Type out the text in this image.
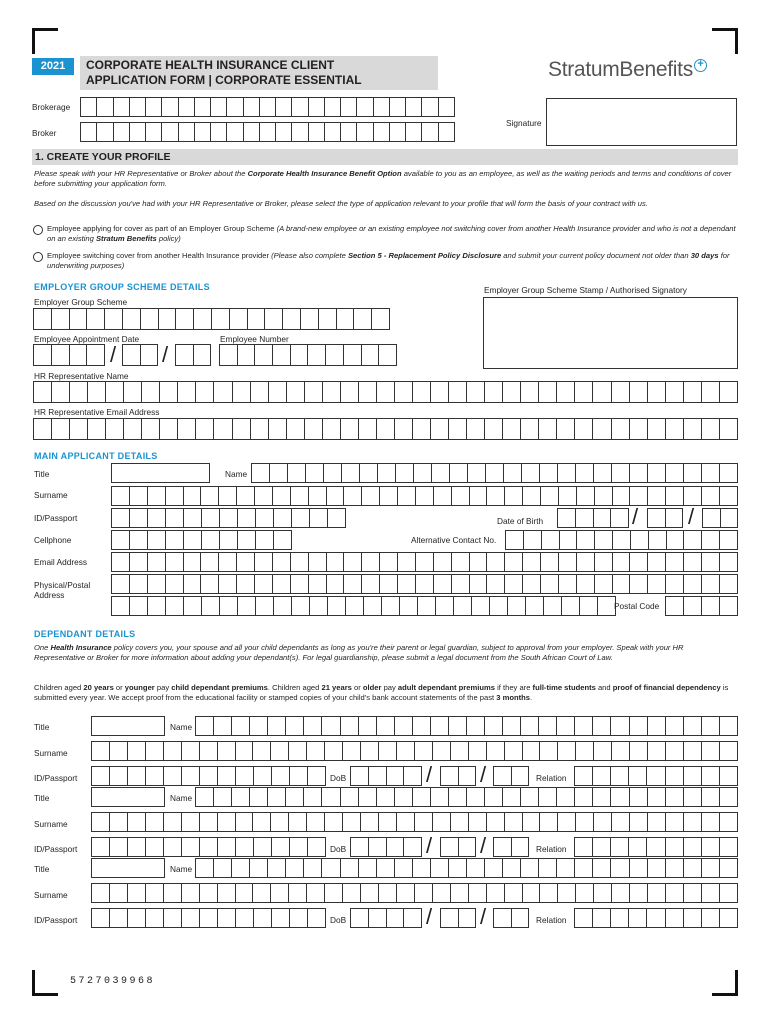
2021	CORPORATE HEALTH INSURANCE CLIENT
APPLICATION FORM | CORPORATE ESSENTIAL	StratumBenefits +
Brokerage
Broker
Signature
1. CREATE YOUR PROFILE
Please speak with your HR Representative or Broker about the Corporate Health Insurance Benefit Option available to you as an employee, as well as the waiting periods and terms and conditions of cover before submitting your application form.
Based on the discussion you've had with your HR Representative or Broker, please select the type of application relevant to your profile that will form the basis of your contract with us.
Employee applying for cover as part of an Employer Group Scheme (A brand-new employee or an existing employee not switching cover from another Health Insurance provider and who is not a dependant on an existing Stratum Benefits policy)
Employee switching cover from another Health Insurance provider (Please also complete Section 5 - Replacement Policy Disclosure and submit your current policy document not older than 30 days for underwriting purposes)
EMPLOYER GROUP SCHEME DETAILS	Employer Group Scheme Stamp / Authorised Signatory
Employer Group Scheme
Employee Appointment Date
/ /
Employee Number
HR Representative Name
HR Representative Email Address
MAIN APPLICANT DETAILS
Title	Name
Surname
ID/Passport	Date of Birth	/ /
Cellphone	Alternative Contact No.
Email Address
Physical/Postal
Address
Postal Code
DEPENDANT DETAILS
One Health Insurance policy covers you, your spouse and all your child dependants as long as you're their parent or legal guardian, subject to approval from your employer. Speak with your HR Representative or Broker for more information about adding your dependant(s). For legal guardianship, please submit a legal document from the South African Court of Law.
Children aged 20 years or younger pay child dependant premiums. Children aged 21 years or older pay adult dependant premiums if they are full-time students and proof of financial dependency is submitted every year. We accept proof from the educational facility or stamped copies of your child's bank account statements of the past 3 months.
Title	Name
Surname
ID/Passport	DoB	/ /	Relation
Title	Name
Surname
ID/Passport	DoB	/ /	Relation
Title	Name
Surname
ID/Passport	DoB	/ /	Relation
5727039968
